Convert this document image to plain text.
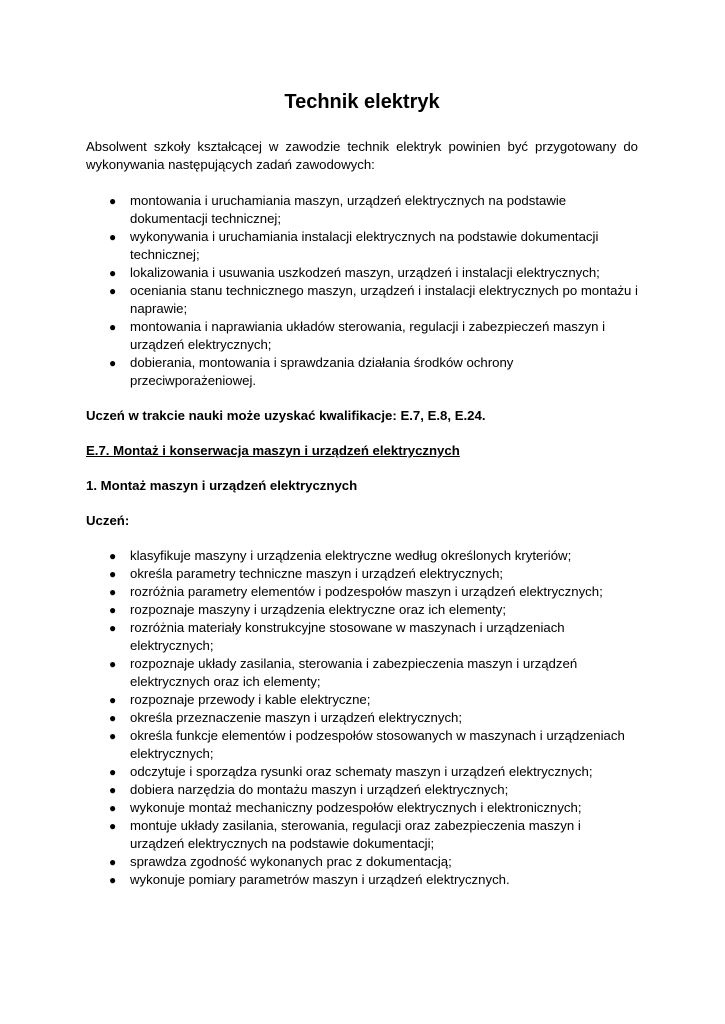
Technik elektryk

Absolwent szkoły kształcącej w zawodzie technik elektryk powinien być przygotowany do wykonywania następujących zadań zawodowych:

● montowania i uruchamiania maszyn, urządzeń elektrycznych na podstawie dokumentacji technicznej;
● wykonywania i uruchamiania instalacji elektrycznych na podstawie dokumentacji technicznej;
● lokalizowania i usuwania uszkodzeń maszyn, urządzeń i instalacji elektrycznych;
● oceniania stanu technicznego maszyn, urządzeń i instalacji elektrycznych po montażu i naprawie;
● montowania i naprawiania układów sterowania, regulacji i zabezpieczeń maszyn i urządzeń elektrycznych;
● dobierania, montowania i sprawdzania działania środków ochrony przeciwporażeniowej.

Uczeń w trakcie nauki może uzyskać kwalifikacje: E.7, E.8, E.24.

E.7. Montaż i konserwacja maszyn i urządzeń elektrycznych

1. Montaż maszyn i urządzeń elektrycznych

Uczeń:

● klasyfikuje maszyny i urządzenia elektryczne według określonych kryteriów;
● określa parametry techniczne maszyn i urządzeń elektrycznych;
● rozróżnia parametry elementów i podzespołów maszyn i urządzeń elektrycznych;
● rozpoznaje maszyny i urządzenia elektryczne oraz ich elementy;
● rozróżnia materiały konstrukcyjne stosowane w maszynach i urządzeniach elektrycznych;
● rozpoznaje układy zasilania, sterowania i zabezpieczenia maszyn i urządzeń elektrycznych oraz ich elementy;
● rozpoznaje przewody i kable elektryczne;
● określa przeznaczenie maszyn i urządzeń elektrycznych;
● określa funkcje elementów i podzespołów stosowanych w maszynach i urządzeniach elektrycznych;
● odczytuje i sporządza rysunki oraz schematy maszyn i urządzeń elektrycznych;
● dobiera narzędzia do montażu maszyn i urządzeń elektrycznych;
● wykonuje montaż mechaniczny podzespołów elektrycznych i elektronicznych;
● montuje układy zasilania, sterowania, regulacji oraz zabezpieczenia maszyn i urządzeń elektrycznych na podstawie dokumentacji;
● sprawdza zgodność wykonanych prac z dokumentacją;
● wykonuje pomiary parametrów maszyn i urządzeń elektrycznych.
